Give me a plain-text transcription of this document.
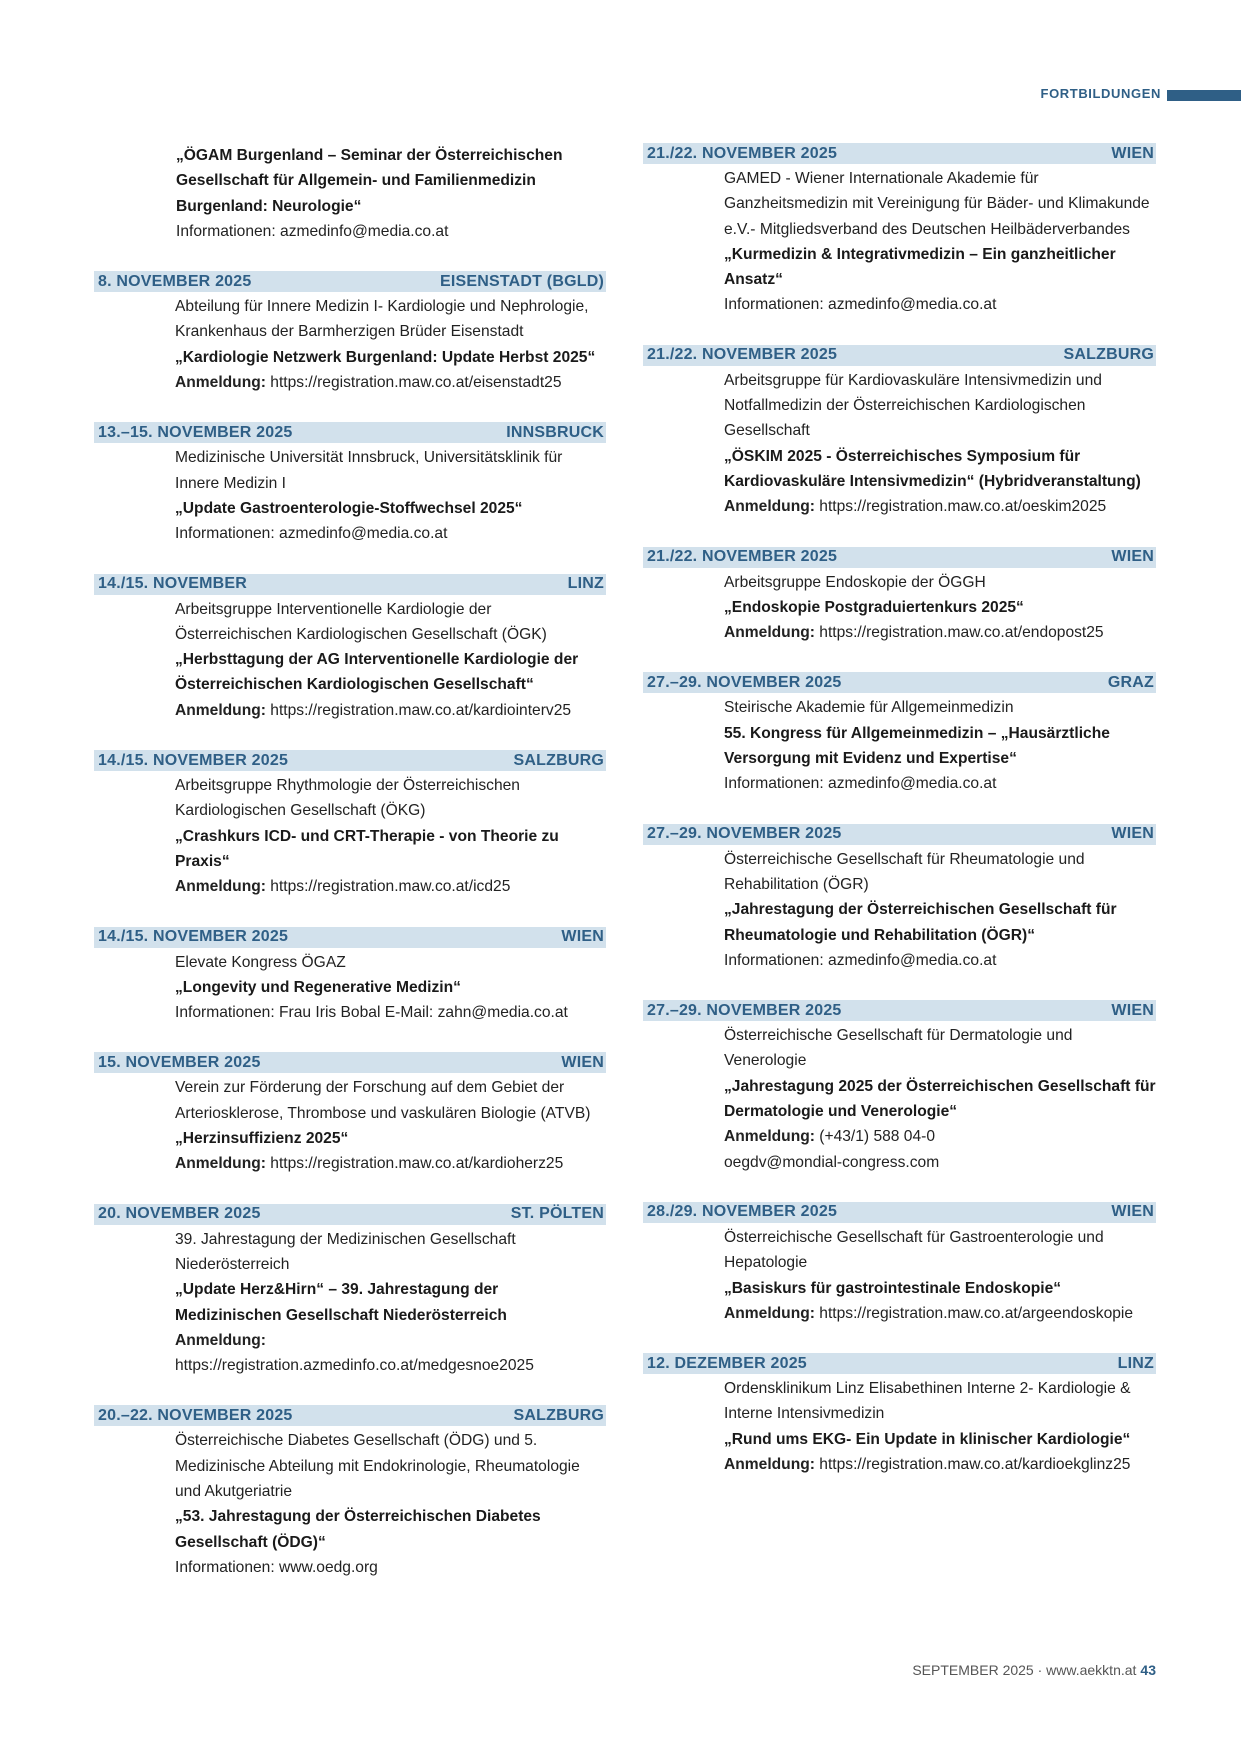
FORTBILDUNGEN

„ÖGAM Burgenland – Seminar der Österreichischen Gesellschaft für Allgemein- und Familienmedizin Burgenland: Neurologie“

Informationen: azmedinfo@media.co.at

8. NOVEMBER 2025	EISENSTADT (BGLD)

Abteilung für Innere Medizin I- Kardiologie und Nephrologie, Krankenhaus der Barmherzigen Brüder Eisenstadt

„Kardiologie Netzwerk Burgenland: Update Herbst 2025“

Anmeldung: https://registration.maw.co.at/eisenstadt25

13.–15. NOVEMBER 2025	INNSBRUCK

Medizinische Universität Innsbruck, Universitätsklinik für Innere Medizin I

„Update Gastroenterologie-Stoffwechsel 2025“

Informationen: azmedinfo@media.co.at

14./15. NOVEMBER	LINZ

Arbeitsgruppe Interventionelle Kardiologie der Österreichischen Kardiologischen Gesellschaft (ÖGK)

„Herbsttagung der AG Interventionelle Kardiologie der Österreichischen Kardiologischen Gesellschaft“

Anmeldung: https://registration.maw.co.at/kardiointerv25

14./15. NOVEMBER 2025	SALZBURG

Arbeitsgruppe Rhythmologie der Österreichischen Kardiologischen Gesellschaft (ÖKG)

„Crashkurs ICD- und CRT-Therapie - von Theorie zu Praxis“

Anmeldung: https://registration.maw.co.at/icd25

14./15. NOVEMBER 2025	WIEN

Elevate Kongress ÖGAZ

„Longevity und Regenerative Medizin“

Informationen: Frau Iris Bobal E-Mail: zahn@media.co.at

15. NOVEMBER 2025	WIEN

Verein zur Förderung der Forschung auf dem Gebiet der Arteriosklerose, Thrombose und vaskulären Biologie (ATVB)

„Herzinsuffizienz 2025“

Anmeldung: https://registration.maw.co.at/kardioherz25

20. NOVEMBER 2025	ST. PÖLTEN

39. Jahrestagung der Medizinischen Gesellschaft Niederösterreich

„Update Herz&Hirn“ – 39. Jahrestagung der Medizinischen Gesellschaft Niederösterreich

Anmeldung: https://registration.azmedinfo.co.at/medgesnoe2025

20.–22. NOVEMBER 2025	SALZBURG

Österreichische Diabetes Gesellschaft (ÖDG) und 5. Medizinische Abteilung mit Endokrinologie, Rheumatologie und Akutgeriatrie

„53. Jahrestagung der Österreichischen Diabetes Gesellschaft (ÖDG)“

Informationen: www.oedg.org

21./22. NOVEMBER 2025	WIEN

GAMED - Wiener Internationale Akademie für Ganzheitsmedizin mit Vereinigung für Bäder- und Klimakunde e.V.- Mitgliedsverband des Deutschen Heilbäderverbandes

„Kurmedizin & Integrativmedizin – Ein ganzheitlicher Ansatz“

Informationen: azmedinfo@media.co.at

21./22. NOVEMBER 2025	SALZBURG

Arbeitsgruppe für Kardiovaskuläre Intensivmedizin und Notfallmedizin der Österreichischen Kardiologischen Gesellschaft

„ÖSKIM 2025 - Österreichisches Symposium für Kardiovaskuläre Intensivmedizin“ (Hybridveranstaltung)

Anmeldung: https://registration.maw.co.at/oeskim2025

21./22. NOVEMBER 2025	WIEN

Arbeitsgruppe Endoskopie der ÖGGH

„Endoskopie Postgraduiertenkurs 2025“

Anmeldung: https://registration.maw.co.at/endopost25

27.–29. NOVEMBER 2025	GRAZ

Steirische Akademie für Allgemeinmedizin

55. Kongress für Allgemeinmedizin – „Hausärztliche Versorgung mit Evidenz und Expertise“

Informationen: azmedinfo@media.co.at

27.–29. NOVEMBER 2025	WIEN

Österreichische Gesellschaft für Rheumatologie und Rehabilitation (ÖGR)

„Jahrestagung der Österreichischen Gesellschaft für Rheumatologie und Rehabilitation (ÖGR)“

Informationen: azmedinfo@media.co.at

27.–29. NOVEMBER 2025	WIEN

Österreichische Gesellschaft für Dermatologie und Venerologie

„Jahrestagung 2025 der Österreichischen Gesellschaft für Dermatologie und Venerologie“

Anmeldung: (+43/1) 588 04-0

oegdv@mondial-congress.com

28./29. NOVEMBER 2025	WIEN

Österreichische Gesellschaft für Gastroenterologie und Hepatologie

„Basiskurs für gastrointestinale Endoskopie“

Anmeldung: https://registration.maw.co.at/argeendoskopie

12. DEZEMBER 2025	LINZ

Ordensklinikum Linz Elisabethinen Interne 2- Kardiologie & Interne Intensivmedizin

„Rund ums EKG- Ein Update in klinischer Kardiologie“

Anmeldung: https://registration.maw.co.at/kardioekglinz25

SEPTEMBER 2025 · www.aekktn.at 43
